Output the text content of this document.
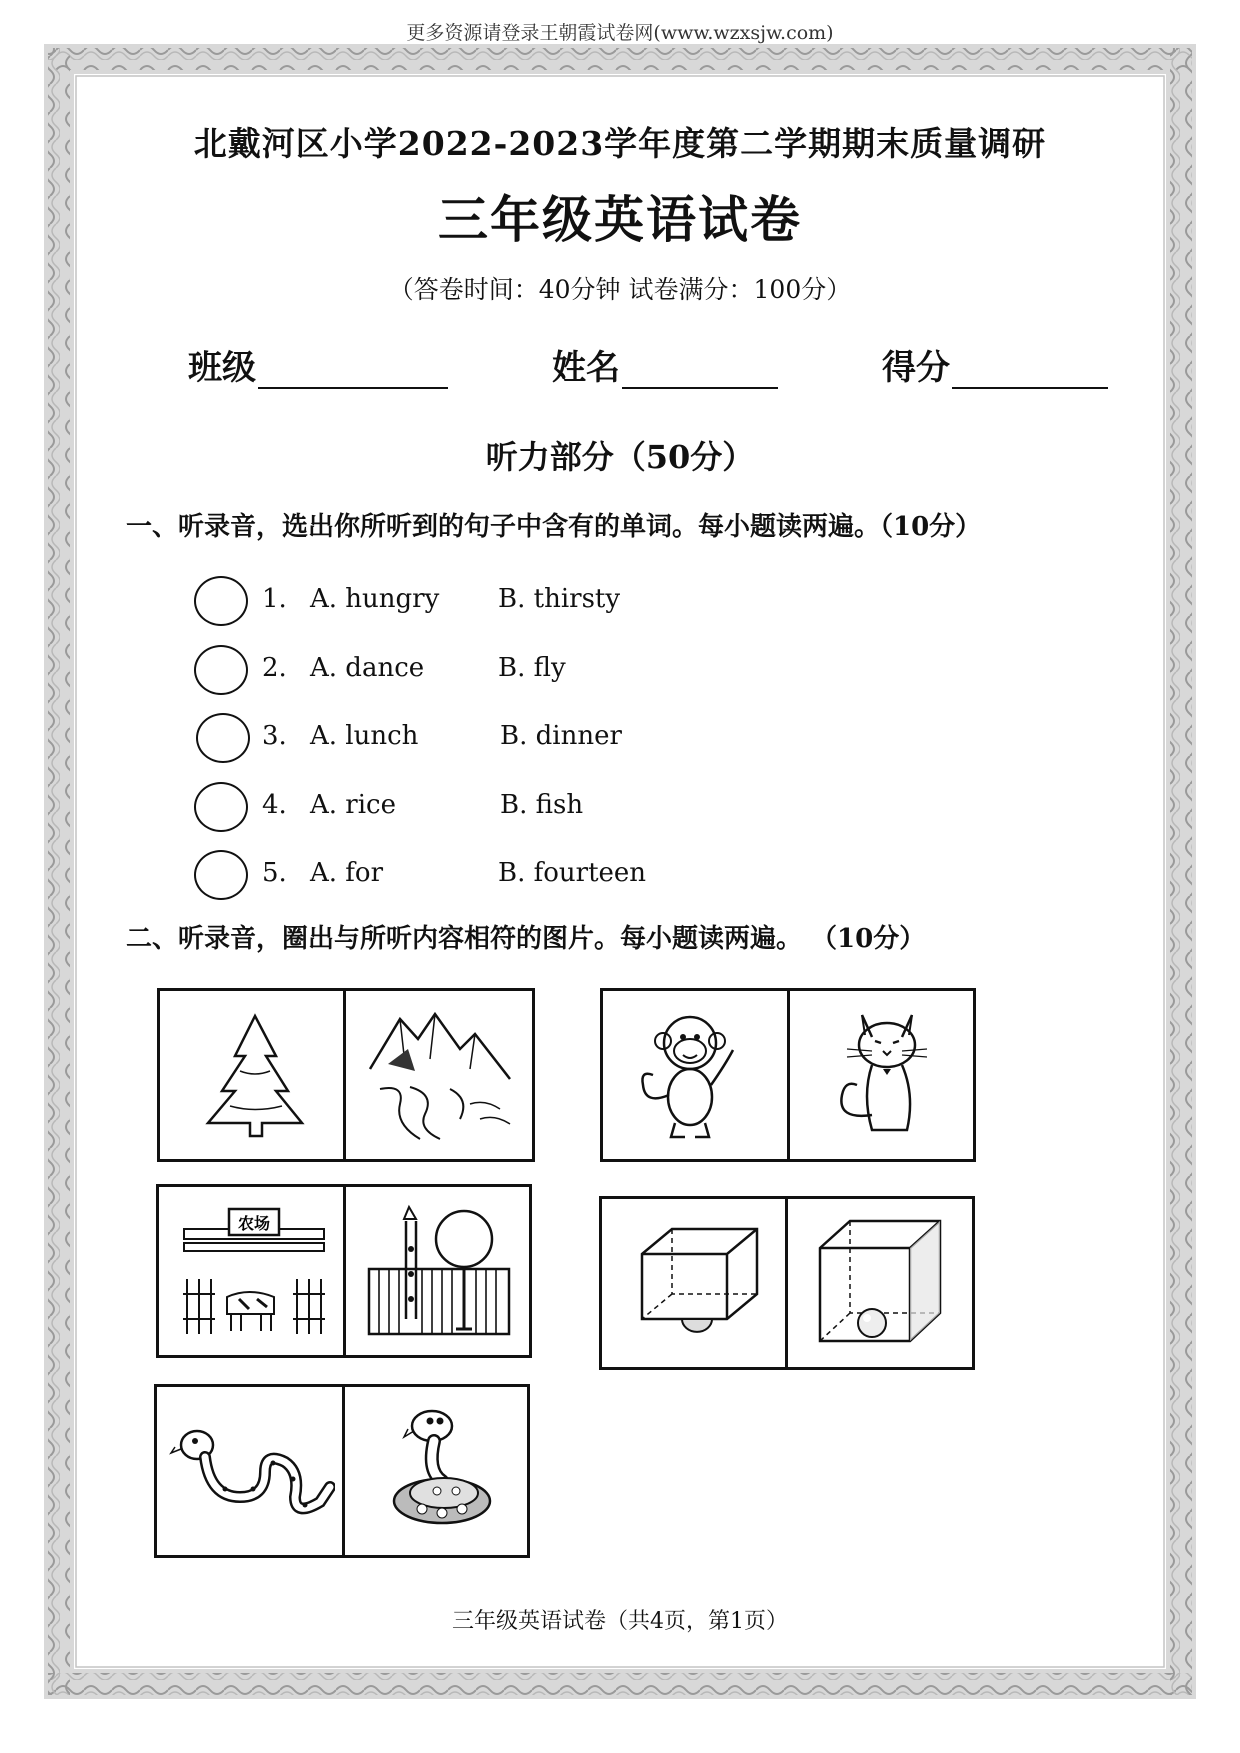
更多资源请登录王朝霞试卷网(www.wzxsjw.com)
北戴河区小学2022-2023学年度第二学期期末质量调研
三年级英语试卷
（答卷时间：40分钟 试卷满分：100分）
班级	姓名	得分
听力部分（50分）
一、听录音，选出你所听到的句子中含有的单词。每小题读两遍。（10分）
1. A. hungry B. thirsty
2. A. dance	B. fly
3. A. lunch	B. dinner
4. A. rice	B. fish
5. A. for	B. fourteen
二、听录音，圈出与所听内容相符的图片。每小题读两遍。 （10分）
农场
三年级英语试卷（共4页，第1页）
